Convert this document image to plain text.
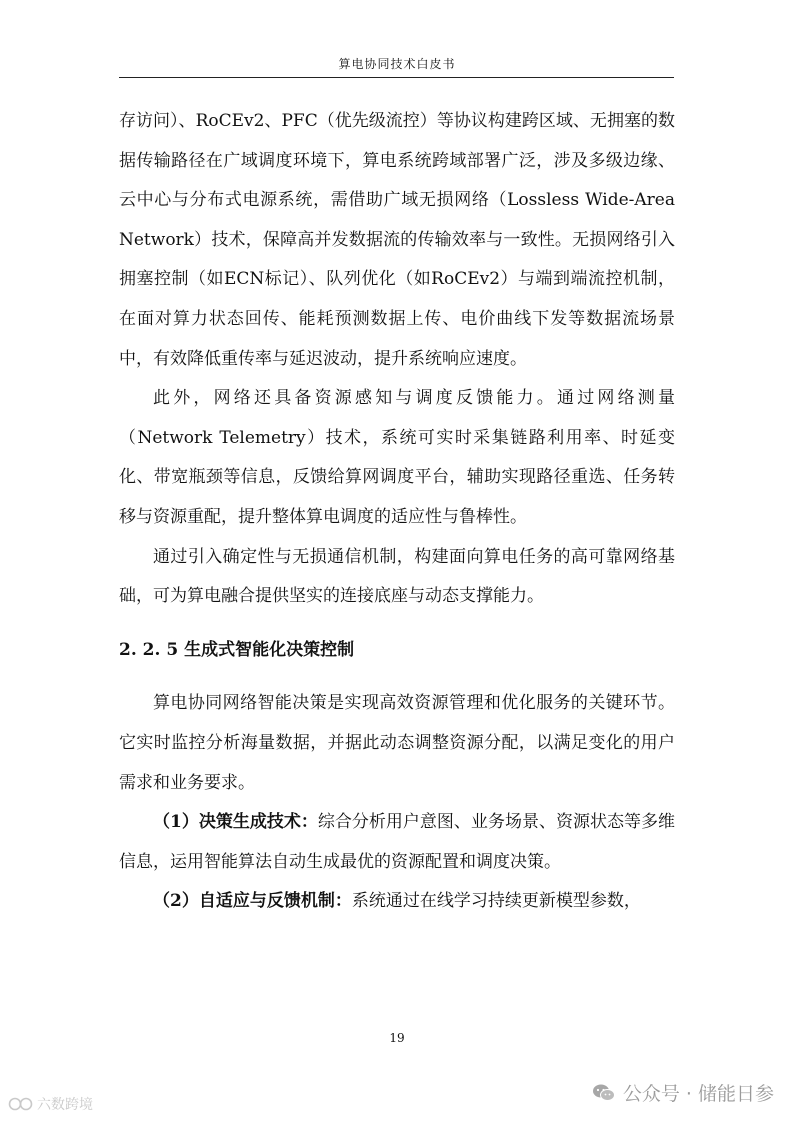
算电协同技术白皮书

存访问）、RoCEv2、PFC（优先级流控）等协议构建跨区域、无拥塞的数据传输路径在广域调度环境下，算电系统跨域部署广泛，涉及多级边缘、云中心与分布式电源系统，需借助广域无损网络（Lossless Wide-Area Network）技术，保障高并发数据流的传输效率与一致性。无损网络引入拥塞控制（如ECN标记）、队列优化（如RoCEv2）与端到端流控机制，在面对算力状态回传、能耗预测数据上传、电价曲线下发等数据流场景中，有效降低重传率与延迟波动，提升系统响应速度。

此外，网络还具备资源感知与调度反馈能力。通过网络测量（Network Telemetry）技术，系统可实时采集链路利用率、时延变化、带宽瓶颈等信息，反馈给算网调度平台，辅助实现路径重选、任务转移与资源重配，提升整体算电调度的适应性与鲁棒性。

通过引入确定性与无损通信机制，构建面向算电任务的高可靠网络基础，可为算电融合提供坚实的连接底座与动态支撑能力。

2. 2. 5 生成式智能化决策控制

算电协同网络智能决策是实现高效资源管理和优化服务的关键环节。它实时监控分析海量数据，并据此动态调整资源分配，以满足变化的用户需求和业务要求。

（1）决策生成技术：综合分析用户意图、业务场景、资源状态等多维信息，运用智能算法自动生成最优的资源配置和调度决策。

（2）自适应与反馈机制：系统通过在线学习持续更新模型参数，

19
六数跨境	公众号 · 储能日参
